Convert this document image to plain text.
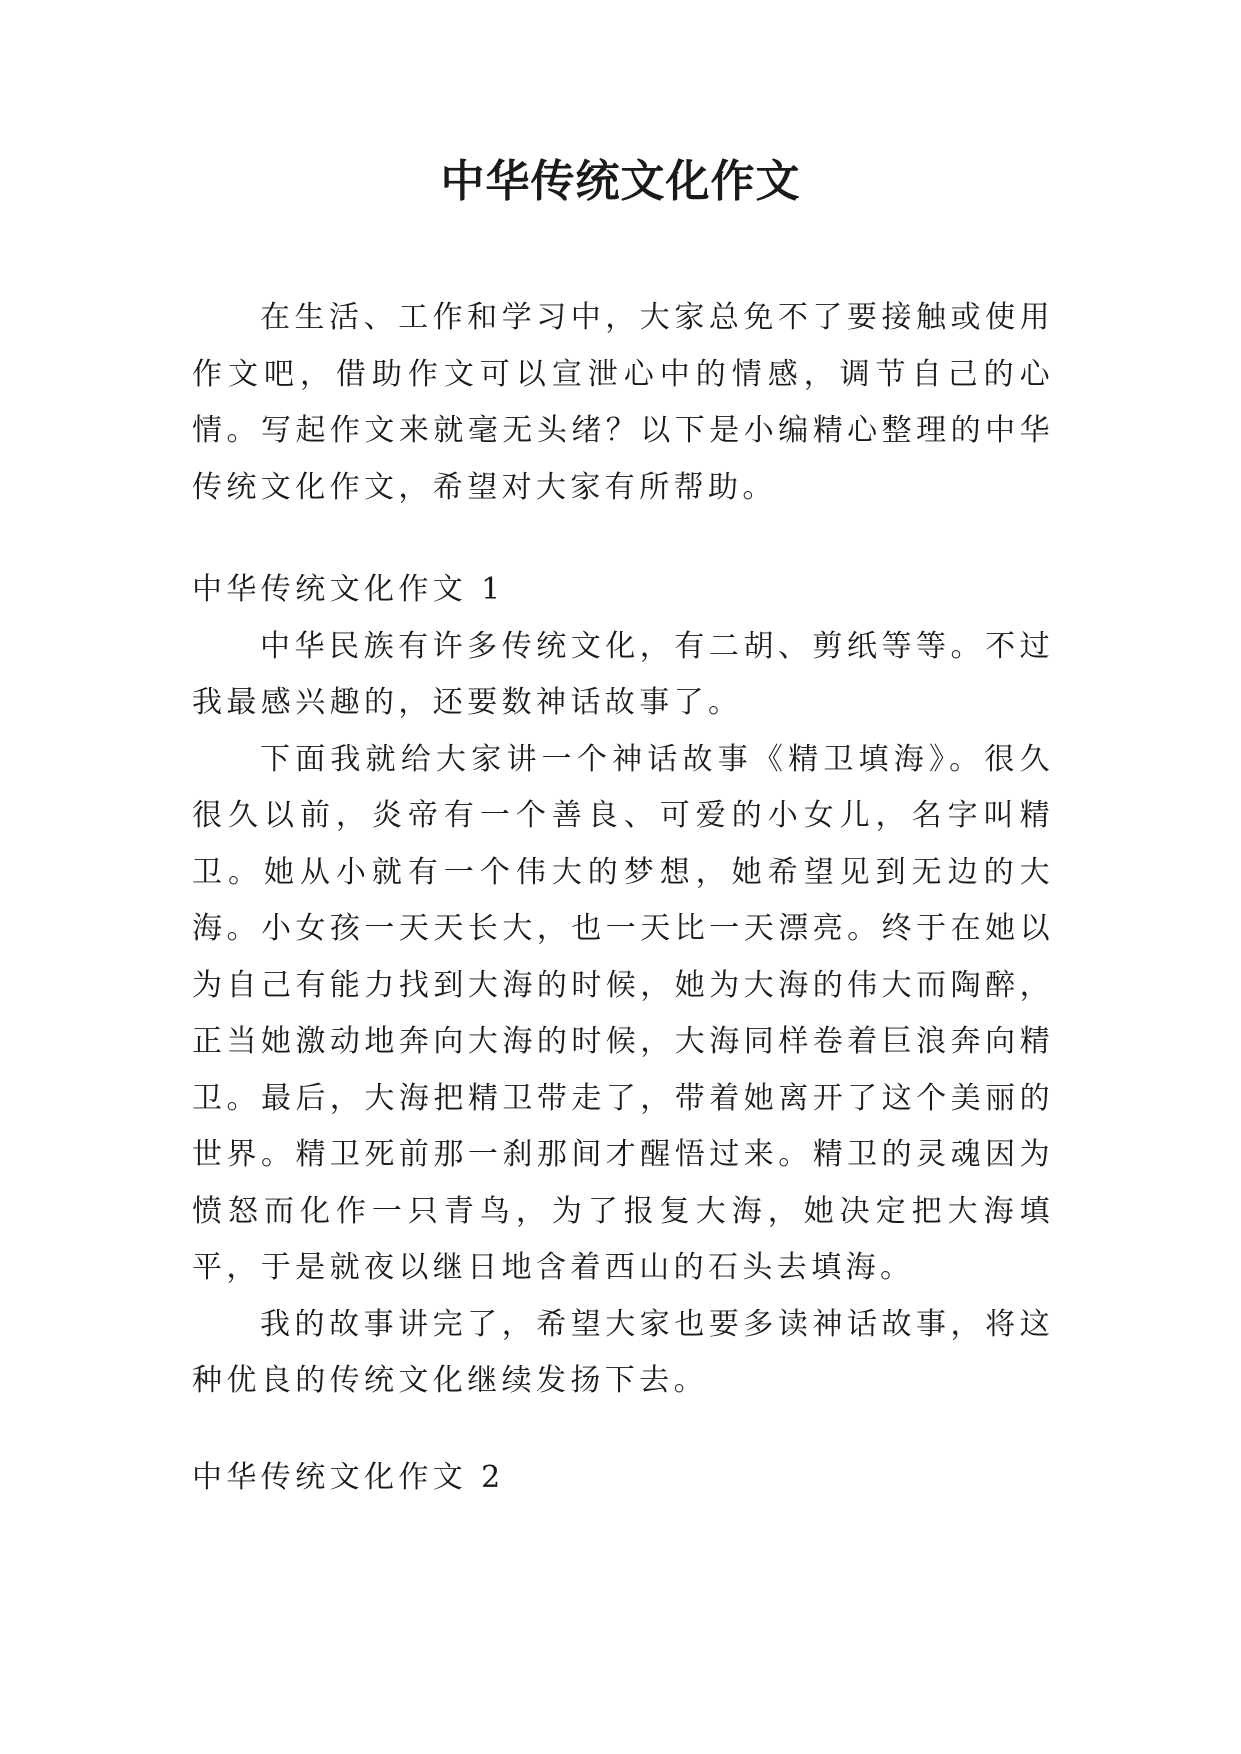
中华传统文化作文

在生活、工作和学习中，大家总免不了要接触或使用作文吧，借助作文可以宣泄心中的情感，调节自己的心情。写起作文来就毫无头绪？以下是小编精心整理的中华传统文化作文，希望对大家有所帮助。

中华传统文化作文 1

中华民族有许多传统文化，有二胡、剪纸等等。不过我最感兴趣的，还要数神话故事了。

下面我就给大家讲一个神话故事《精卫填海》。很久很久以前，炎帝有一个善良、可爱的小女儿，名字叫精卫。她从小就有一个伟大的梦想，她希望见到无边的大海。小女孩一天天长大，也一天比一天漂亮。终于在她以为自己有能力找到大海的时候，她为大海的伟大而陶醉，正当她激动地奔向大海的时候，大海同样卷着巨浪奔向精卫。最后，大海把精卫带走了，带着她离开了这个美丽的世界。精卫死前那一刹那间才醒悟过来。精卫的灵魂因为愤怒而化作一只青鸟，为了报复大海，她决定把大海填平，于是就夜以继日地含着西山的石头去填海。

我的故事讲完了，希望大家也要多读神话故事，将这种优良的传统文化继续发扬下去。

中华传统文化作文 2
